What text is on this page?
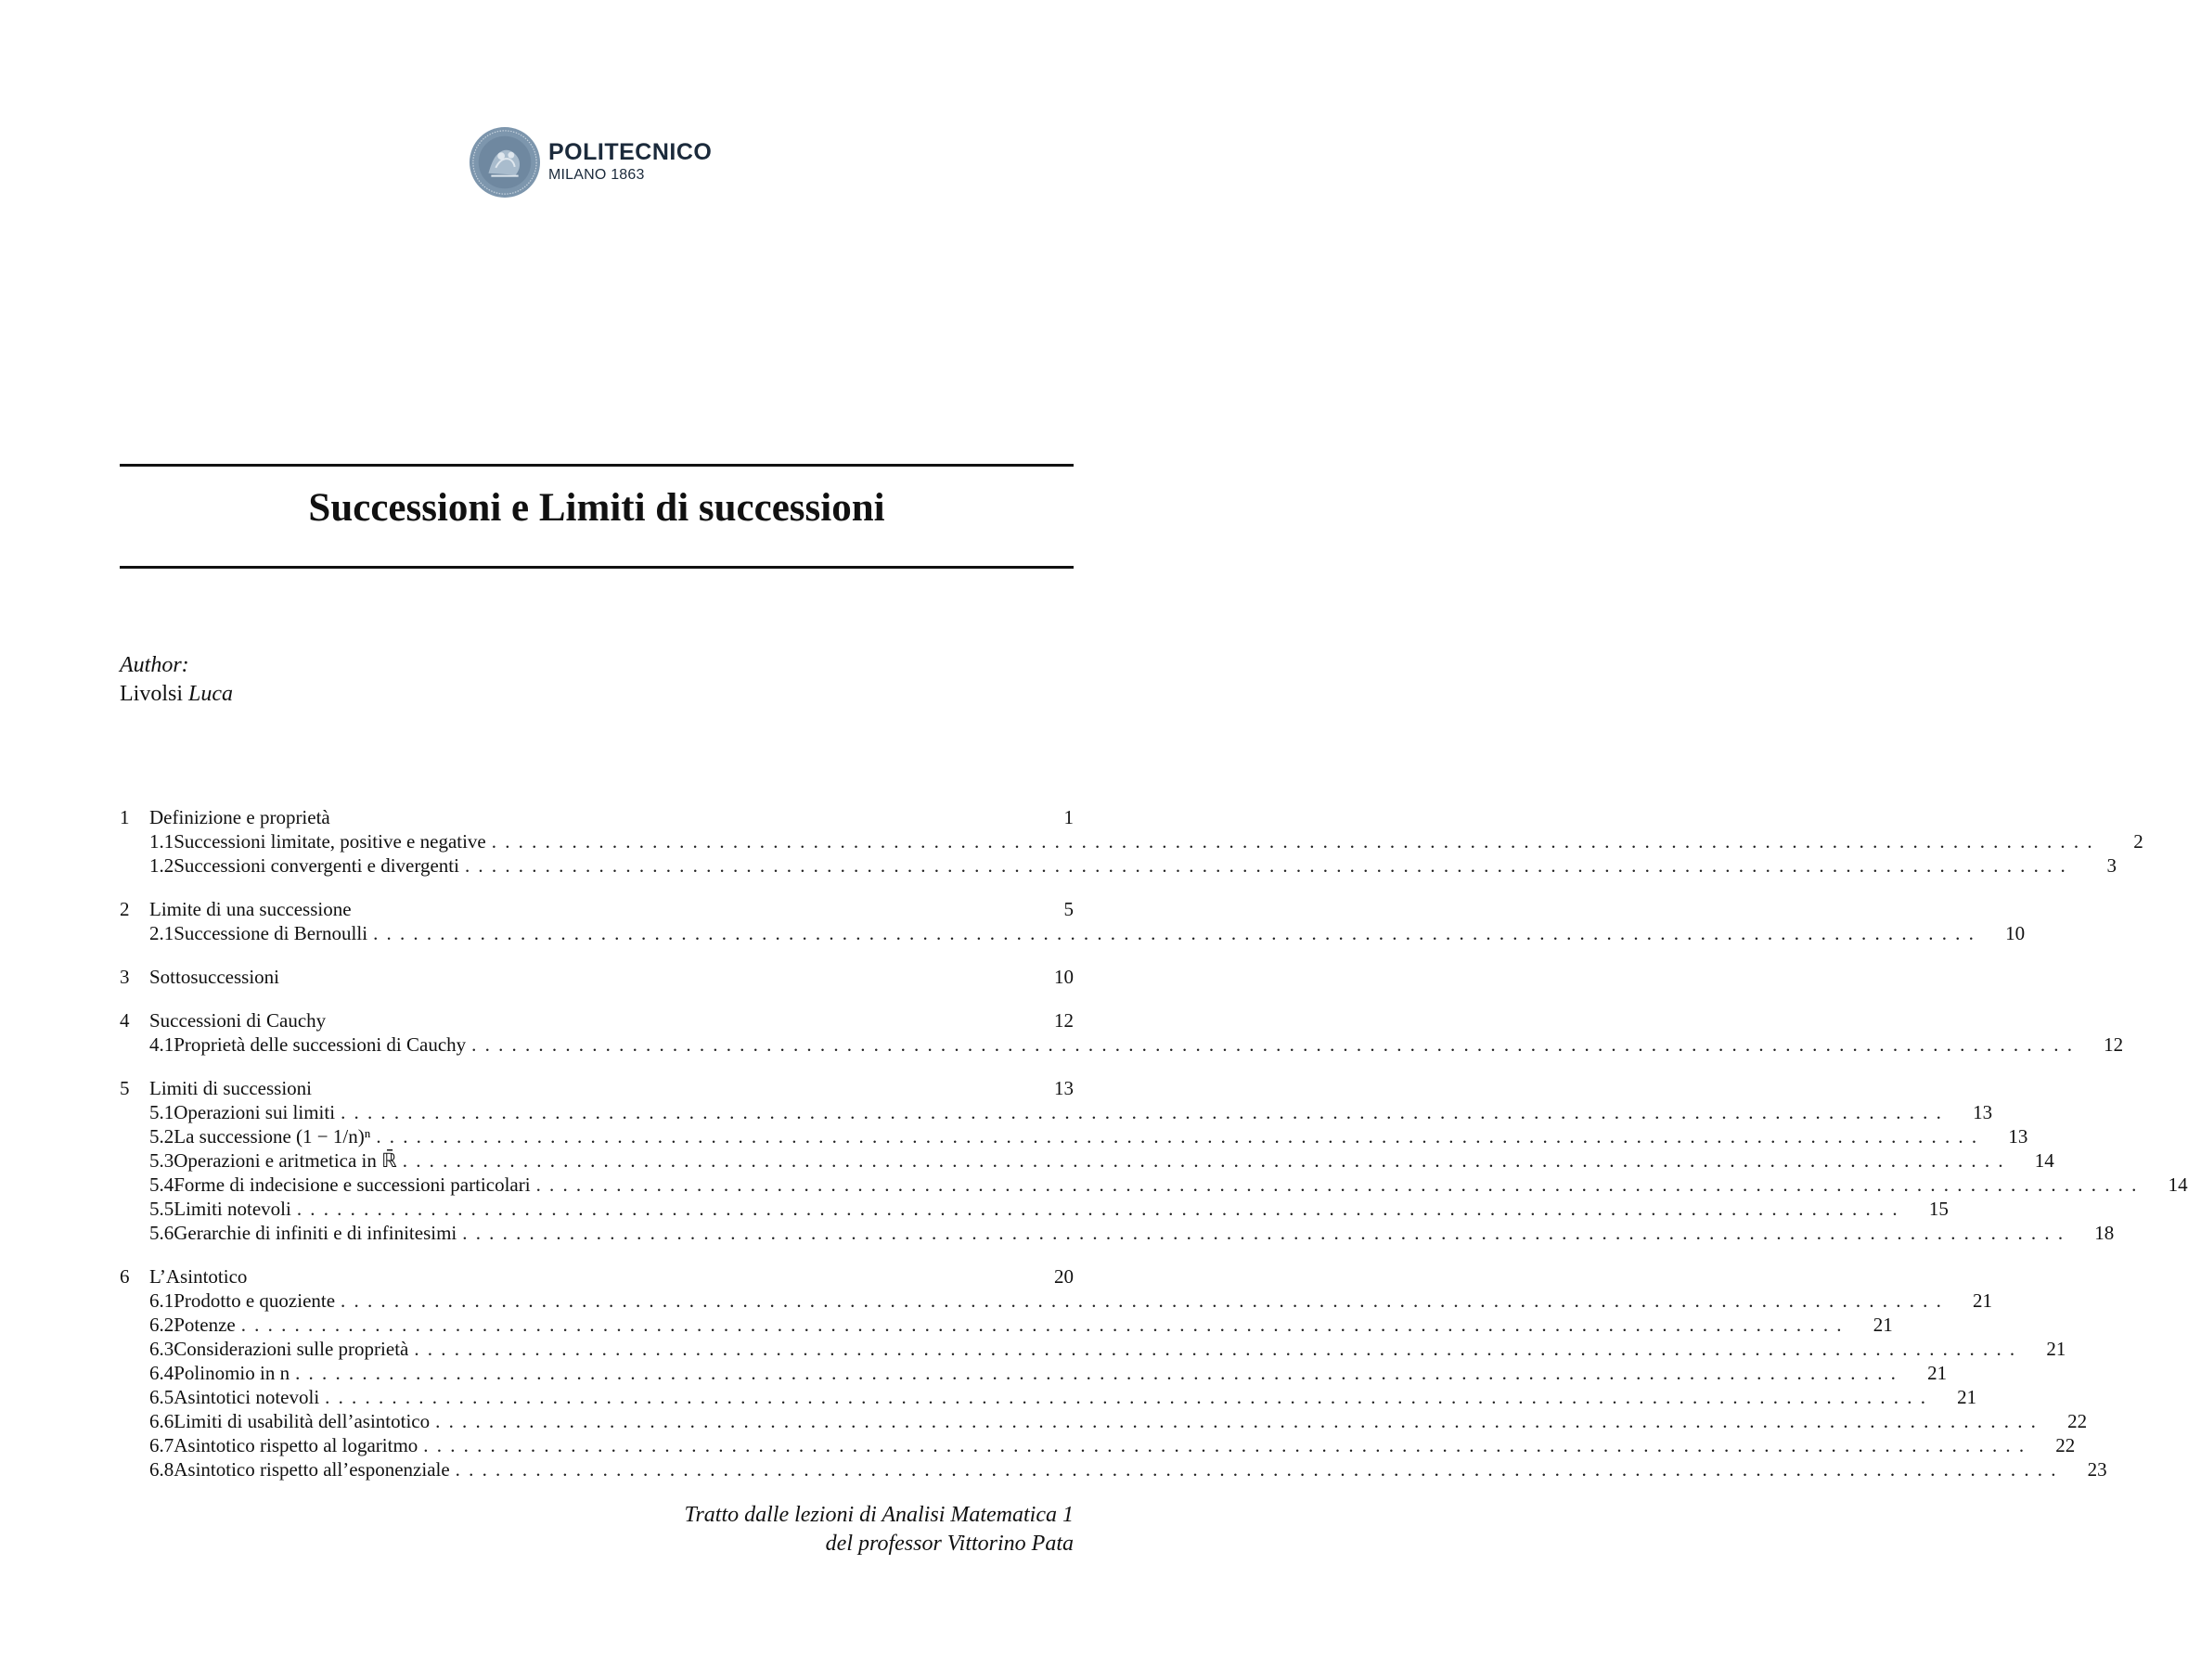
POLITECNICO
MILANO 1863
Successioni e Limiti di successioni
Author:
Livolsi Luca
1	Definizione e proprietà	1
1.1 Successioni limitate, positive e negative ........................................................................................................................	2
1.2 Successioni convergenti e divergenti ........................................................................................................................	3
2	Limite di una successione	5
2.1 Successione di Bernoulli ........................................................................................................................	10
3	Sottosuccessioni	10
4	Successioni di Cauchy	12
4.1 Proprietà delle successioni di Cauchy ........................................................................................................................	12
5	Limiti di successioni	13
5.1 Operazioni sui limiti ........................................................................................................................	13
5.2 La successione (1 − 1/n)ⁿ ........................................................................................................................	13
5.3 Operazioni e aritmetica in ℝ̄ ........................................................................................................................	14
5.4 Forme di indecisione e successioni particolari ........................................................................................................................	14
5.5 Limiti notevoli ........................................................................................................................	15
5.6 Gerarchie di infiniti e di infinitesimi ........................................................................................................................	18
6	L’Asintotico	20
6.1 Prodotto e quoziente ........................................................................................................................	21
6.2 Potenze ........................................................................................................................	21
6.3 Considerazioni sulle proprietà ........................................................................................................................	21
6.4 Polinomio in n ........................................................................................................................	21
6.5 Asintotici notevoli ........................................................................................................................	21
6.6 Limiti di usabilità dell’asintotico ........................................................................................................................	22
6.7 Asintotico rispetto al logaritmo ........................................................................................................................	22
6.8 Asintotico rispetto all’esponenziale ........................................................................................................................	23
Tratto dalle lezioni di Analisi Matematica 1
del professor Vittorino Pata
